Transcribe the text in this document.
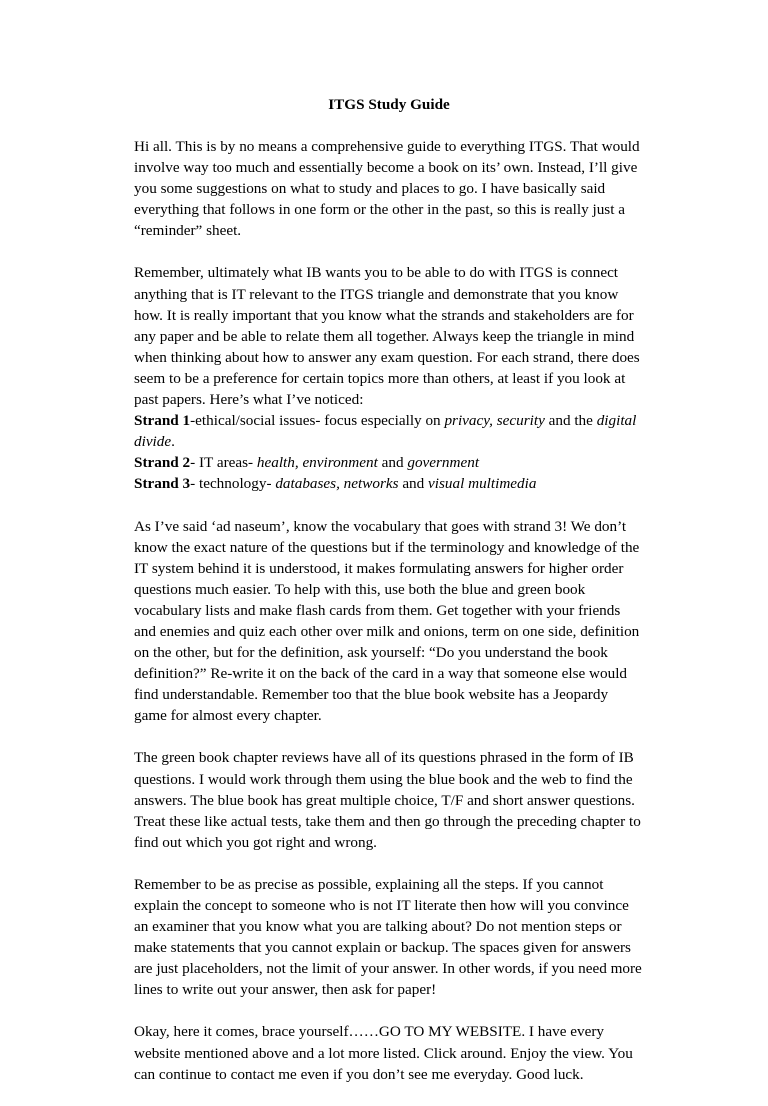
ITGS Study Guide

Hi all. This is by no means a comprehensive guide to everything ITGS. That would involve way too much and essentially become a book on its’ own. Instead, I’ll give you some suggestions on what to study and places to go. I have basically said everything that follows in one form or the other in the past, so this is really just a “reminder” sheet.

Remember, ultimately what IB wants you to be able to do with ITGS is connect anything that is IT relevant to the ITGS triangle and demonstrate that you know how. It is really important that you know what the strands and stakeholders are for any paper and be able to relate them all together. Always keep the triangle in mind when thinking about how to answer any exam question. For each strand, there does seem to be a preference for certain topics more than others, at least if you look at past papers. Here’s what I’ve noticed:

Strand 1-ethical/social issues- focus especially on privacy, security and the digital divide.
Strand 2- IT areas- health, environment and government
Strand 3- technology- databases, networks and visual multimedia

As I’ve said ‘ad naseum’, know the vocabulary that goes with strand 3! We don’t know the exact nature of the questions but if the terminology and knowledge of the IT system behind it is understood, it makes formulating answers for higher order questions much easier. To help with this, use both the blue and green book vocabulary lists and make flash cards from them. Get together with your friends and enemies and quiz each other over milk and onions, term on one side, definition on the other, but for the definition, ask yourself: “Do you understand the book definition?” Re-write it on the back of the card in a way that someone else would find understandable. Remember too that the blue book website has a Jeopardy game for almost every chapter.

The green book chapter reviews have all of its questions phrased in the form of IB questions. I would work through them using the blue book and the web to find the answers. The blue book has great multiple choice, T/F and short answer questions. Treat these like actual tests, take them and then go through the preceding chapter to find out which you got right and wrong.

Remember to be as precise as possible, explaining all the steps. If you cannot explain the concept to someone who is not IT literate then how will you convince an examiner that you know what you are talking about? Do not mention steps or make statements that you cannot explain or backup. The spaces given for answers are just placeholders, not the limit of your answer. In other words, if you need more lines to write out your answer, then ask for paper!

Okay, here it comes, brace yourself……GO TO MY WEBSITE. I have every website mentioned above and a lot more listed. Click around. Enjoy the view. You can continue to contact me even if you don’t see me everyday. Good luck.
